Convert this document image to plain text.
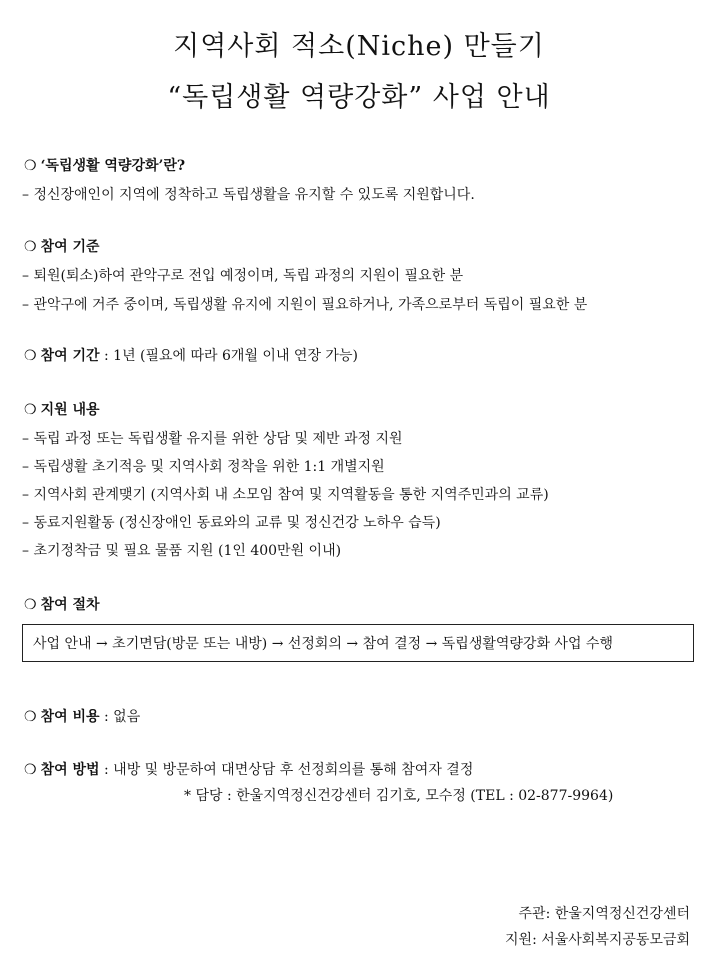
지역사회 적소(Niche) 만들기
“독립생활 역량강화” 사업 안내
❍ ‘독립생활 역량강화’란?
– 정신장애인이 지역에 정착하고 독립생활을 유지할 수 있도록 지원합니다.
❍ 참여 기준
– 퇴원(퇴소)하여 관악구로 전입 예정이며, 독립 과정의 지원이 필요한 분
– 관악구에 거주 중이며, 독립생활 유지에 지원이 필요하거나, 가족으로부터 독립이 필요한 분
❍ 참여 기간 : 1년 (필요에 따라 6개월 이내 연장 가능)
❍ 지원 내용
– 독립 과정 또는 독립생활 유지를 위한 상담 및 제반 과정 지원
– 독립생활 초기적응 및 지역사회 정착을 위한 1:1 개별지원
– 지역사회 관계맺기 (지역사회 내 소모임 참여 및 지역활동을 통한 지역주민과의 교류)
– 동료지원활동 (정신장애인 동료와의 교류 및 정신건강 노하우 습득)
– 초기정착금 및 필요 물품 지원 (1인 400만원 이내)
❍ 참여 절차
사업 안내 → 초기면담(방문 또는 내방) → 선정회의 → 참여 결정 → 독립생활역량강화 사업 수행
❍ 참여 비용 : 없음
❍ 참여 방법 : 내방 및 방문하여 대면상담 후 선정회의를 통해 참여자 결정
* 담당 : 한울지역정신건강센터 김기호, 모수정 (TEL : 02-877-9964)
주관: 한울지역정신건강센터
지원: 서울사회복지공동모금회
